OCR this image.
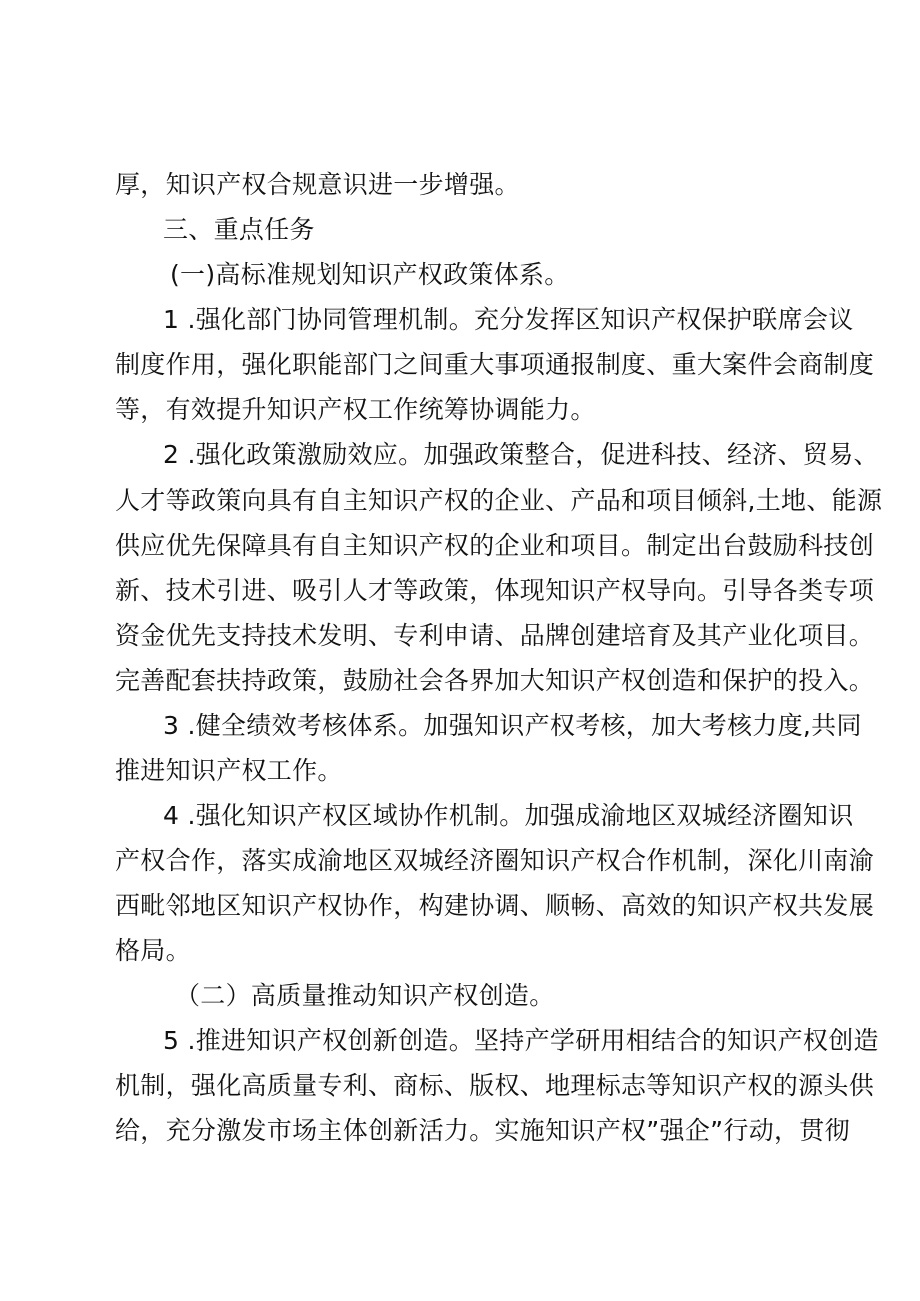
厚，知识产权合规意识进一步增强。
三、重点任务
(一)高标准规划知识产权政策体系。
1 .强化部门协同管理机制。充分发挥区知识产权保护联席会议
制度作用，强化职能部门之间重大事项通报制度、重大案件会商制度
等，有效提升知识产权工作统筹协调能力。
2 .强化政策激励效应。加强政策整合，促进科技、经济、贸易、
人才等政策向具有自主知识产权的企业、产品和项目倾斜,土地、能源
供应优先保障具有自主知识产权的企业和项目。制定出台鼓励科技创
新、技术引进、吸引人才等政策，体现知识产权导向。引导各类专项
资金优先支持技术发明、专利申请、品牌创建培育及其产业化项目。
完善配套扶持政策，鼓励社会各界加大知识产权创造和保护的投入。
3 .健全绩效考核体系。加强知识产权考核，加大考核力度,共同
推进知识产权工作。
4 .强化知识产权区域协作机制。加强成渝地区双城经济圈知识
产权合作，落实成渝地区双城经济圈知识产权合作机制，深化川南渝
西毗邻地区知识产权协作，构建协调、顺畅、高效的知识产权共发展
格局。
（二）高质量推动知识产权创造。
5 .推进知识产权创新创造。坚持产学研用相结合的知识产权创造
机制，强化高质量专利、商标、版权、地理标志等知识产权的源头供
给，充分激发市场主体创新活力。实施知识产权”强企”行动，贯彻
